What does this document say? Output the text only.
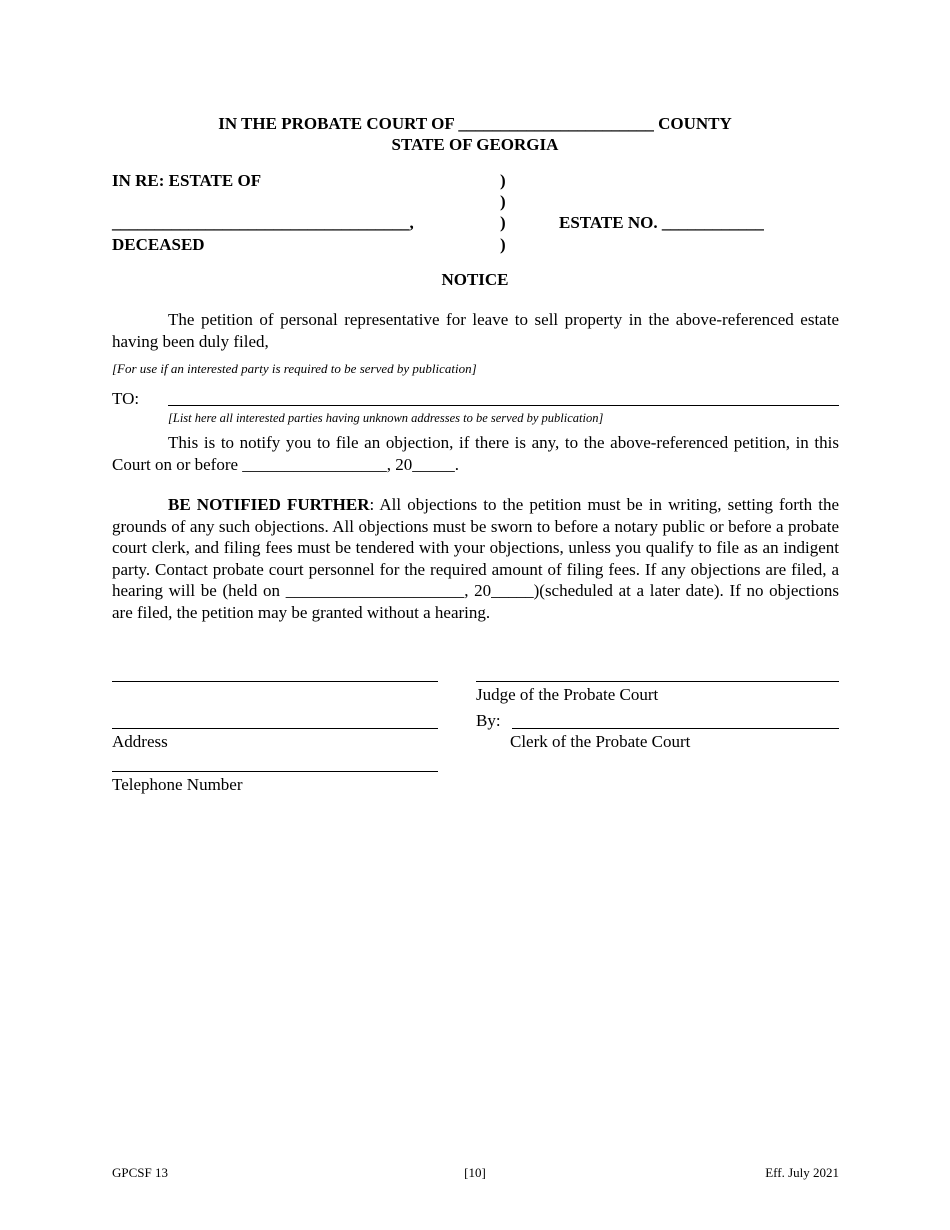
IN THE PROBATE COURT OF _______________________ COUNTY
STATE OF GEORGIA
IN RE: ESTATE OF	)
)
___________________________________,	)	ESTATE NO. ____________
DECEASED	)
NOTICE

The petition of personal representative for leave to sell property in the above-referenced estate having been duly filed,

[For use if an interested party is required to be served by publication]
TO:
[List here all interested parties having unknown addresses to be served by publication]

This is to notify you to file an objection, if there is any, to the above-referenced petition, in this Court on or before _________________, 20_____.

BE NOTIFIED FURTHER: All objections to the petition must be in writing, setting forth the grounds of any such objections. All objections must be sworn to before a notary public or before a probate court clerk, and filing fees must be tendered with your objections, unless you qualify to file as an indigent party. Contact probate court personnel for the required amount of filing fees. If any objections are filed, a hearing will be (held on _____________________, 20_____)(scheduled at a later date). If no objections are filed, the petition may be granted without a hearing.

Judge of the Probate Court
By:
Address	Clerk of the Probate Court
Telephone Number
GPCSF 13	[10]	Eff. July 2021
